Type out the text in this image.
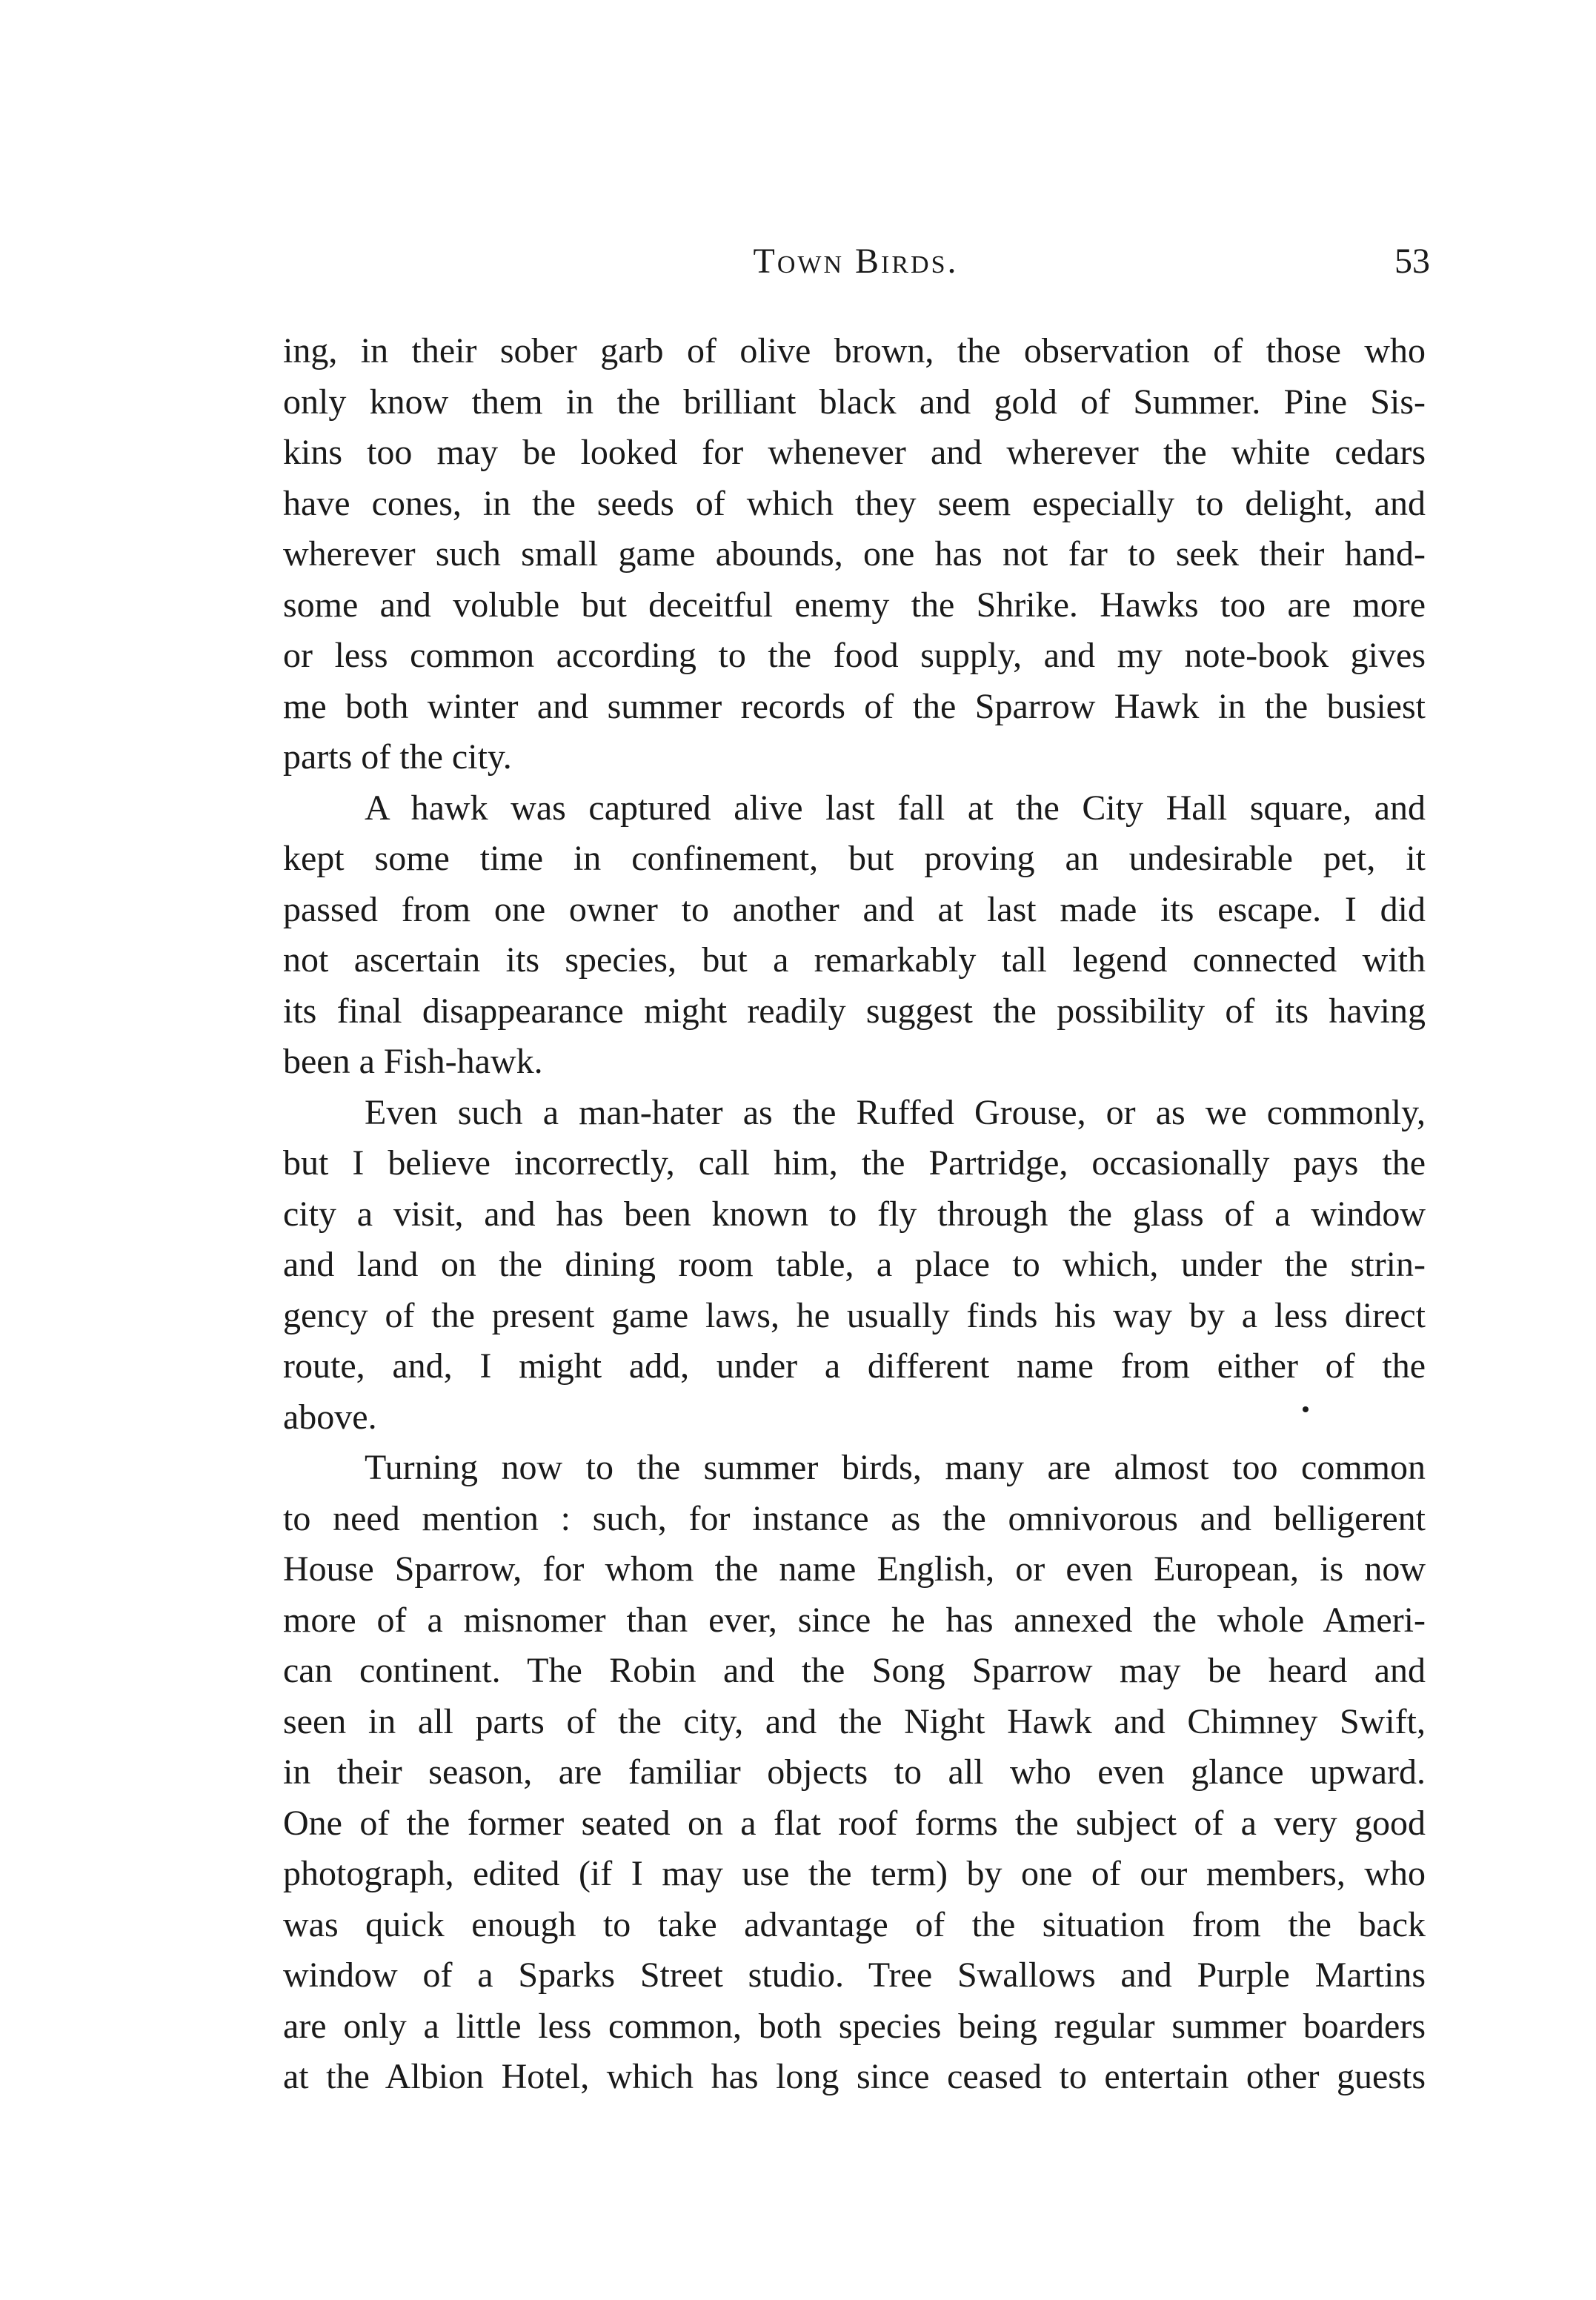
Town Birds.	53
ing, in their sober garb of olive brown, the observation of those who
only know them in the brilliant black and gold of Summer. Pine Sis-
kins too may be looked for whenever and wherever the white cedars
have cones, in the seeds of which they seem especially to delight, and
wherever such small game abounds, one has not far to seek their hand-
some and voluble but deceitful enemy the Shrike. Hawks too are more
or less common according to the food supply, and my note-book gives
me both winter and summer records of the Sparrow Hawk in the busiest
parts of the city.
A hawk was captured alive last fall at the City Hall square, and
kept some time in confinement, but proving an undesirable pet, it
passed from one owner to another and at last made its escape. I did
not ascertain its species, but a remarkably tall legend connected with
its final disappearance might readily suggest the possibility of its having
been a Fish-hawk.
Even such a man-hater as the Ruffed Grouse, or as we commonly,
but I believe incorrectly, call him, the Partridge, occasionally pays the
city a visit, and has been known to fly through the glass of a window
and land on the dining room table, a place to which, under the strin-
gency of the present game laws, he usually finds his way by a less direct
route, and, I might add, under a different name from either of the
above.
Turning now to the summer birds, many are almost too common
to need mention : such, for instance as the omnivorous and belligerent
House Sparrow, for whom the name English, or even European, is now
more of a misnomer than ever, since he has annexed the whole Ameri-
can continent. The Robin and the Song Sparrow may be heard and
seen in all parts of the city, and the Night Hawk and Chimney Swift,
in their season, are familiar objects to all who even glance upward.
One of the former seated on a flat roof forms the subject of a very good
photograph, edited (if I may use the term) by one of our members, who
was quick enough to take advantage of the situation from the back
window of a Sparks Street studio. Tree Swallows and Purple Martins
are only a little less common, both species being regular summer boarders
at the Albion Hotel, which has long since ceased to entertain other guests
